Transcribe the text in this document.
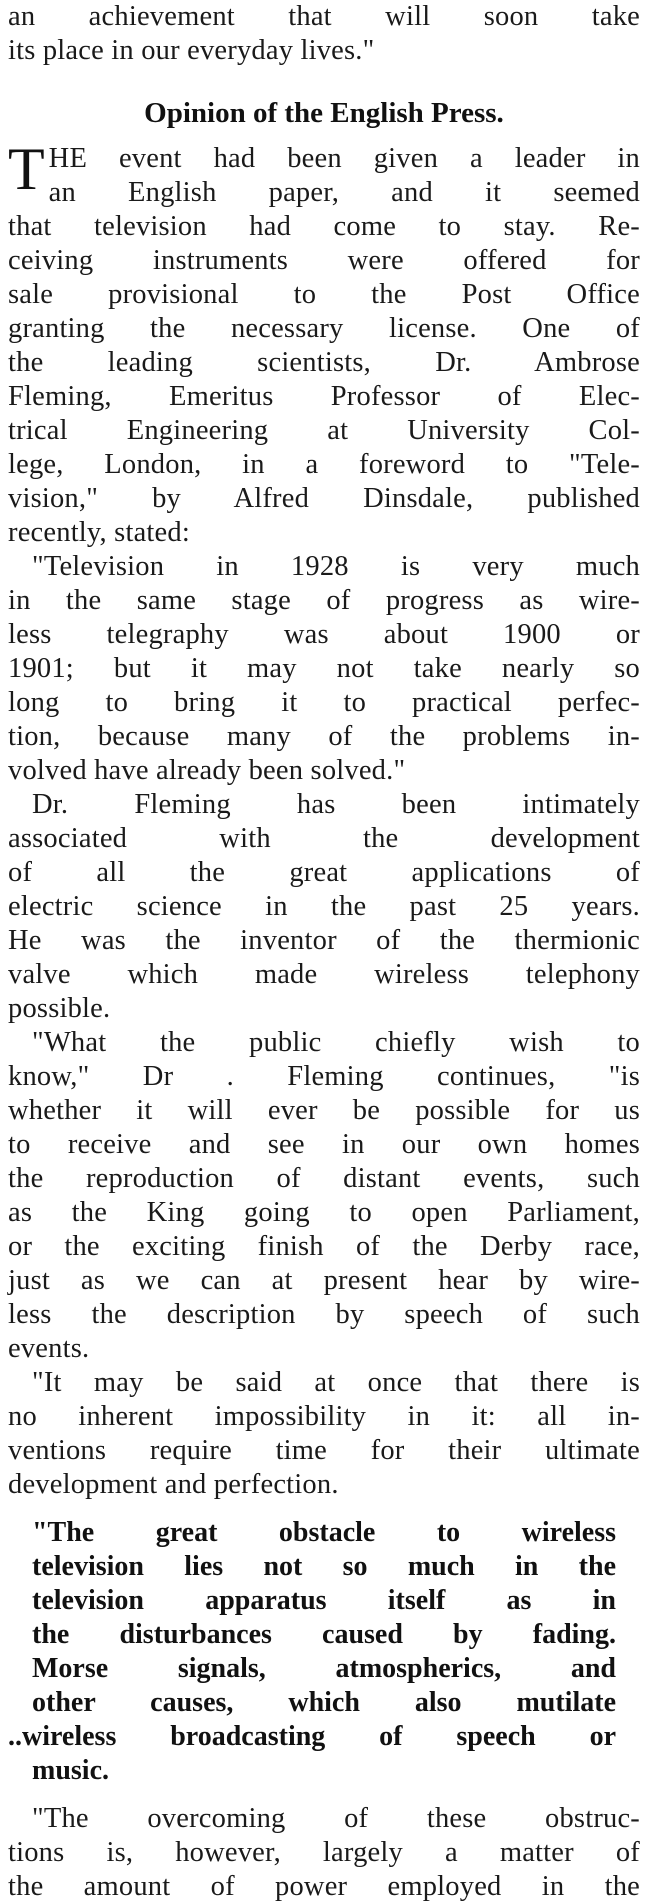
an achievement that will soon take
its place in our everyday lives."
Opinion of the English Press.
T HE event had been given a leader in
an English paper, and it seemed
that television had come to stay. Re-
ceiving instruments were offered for
sale provisional to the Post Office
granting the necessary license. One of
the leading scientists, Dr. Ambrose
Fleming, Emeritus Professor of Elec-
trical Engineering at University Col-
lege, London, in a foreword to "Tele-
vision," by Alfred Dinsdale, published
recently, stated:
"Television in 1928 is very much
in the same stage of progress as wire-
less telegraphy was about 1900 or
1901; but it may not take nearly so
long to bring it to practical perfec-
tion, because many of the problems in-
volved have already been solved."
Dr. Fleming has been intimately
associated with the development
of all the great applications of
electric science in the past 25 years.
He was the inventor of the thermionic
valve which made wireless telephony
possible.
"What the public chiefly wish to
know," Dr . Fleming continues, "is
whether it will ever be possible for us
to receive and see in our own homes
the reproduction of distant events, such
as the King going to open Parliament,
or the exciting finish of the Derby race,
just as we can at present hear by wire-
less the description by speech of such
events.
"It may be said at once that there is
no inherent impossibility in it: all in-
ventions require time for their ultimate
development and perfection.
"The great obstacle to wireless
television lies not so much in the
television apparatus itself as in
the disturbances caused by fading.
Morse signals, atmospherics, and
other causes, which also mutilate
..wireless broadcasting of speech or
music.
"The overcoming of these obstruc-
tions is, however, largely a matter of
the amount of power employed in the
